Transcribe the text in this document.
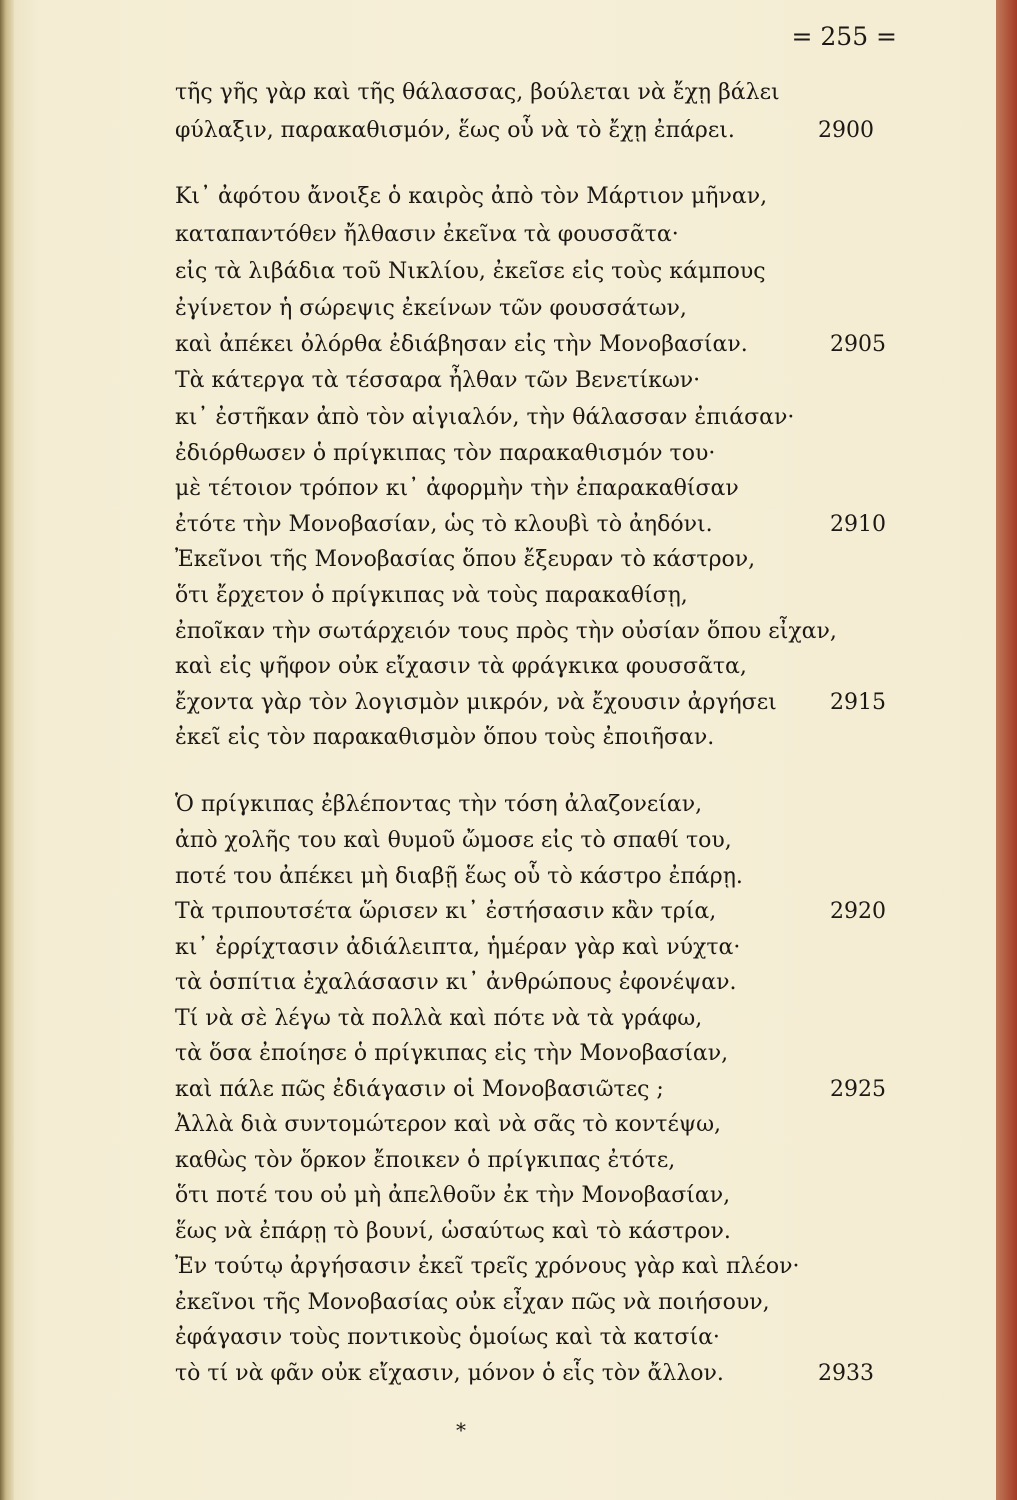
= 255 =
τῆς γῆς γὰρ καὶ τῆς θάλασσας, βούλεται νὰ ἔχῃ βάλει
φύλαξιν, παρακαθισμόν, ἕως οὗ νὰ τὸ ἔχῃ ἐπάρει.	2900
Κι᾿ ἀφότου ἄνοιξε ὁ καιρὸς ἀπὸ τὸν Μάρτιον μῆναν,
καταπαντόθεν ἤλθασιν ἐκεῖνα τὰ φουσσᾶτα·
εἰς τὰ λιβάδια τοῦ Νικλίου, ἐκεῖσε εἰς τοὺς κάμπους
ἐγίνετον ἡ σώρεψις ἐκείνων τῶν φουσσάτων,
καὶ ἀπέκει ὀλόρθα ἐδιάβησαν εἰς τὴν Μονοβασίαν.	2905
Τὰ κάτεργα τὰ τέσσαρα ἦλθαν τῶν Βενετίκων·
κι᾿ ἐστῆκαν ἀπὸ τὸν αἰγιαλόν, τὴν θάλασσαν ἐπιάσαν·
ἐδιόρθωσεν ὁ πρίγκιπας τὸν παρακαθισμόν του·
μὲ τέτοιον τρόπον κι᾿ ἀφορμὴν τὴν ἐπαρακαθίσαν
ἐτότε τὴν Μονοβασίαν, ὡς τὸ κλουβὶ τὸ ἀηδόνι.	2910
Ἐκεῖνοι τῆς Μονοβασίας ὅπου ἔξευραν τὸ κάστρον,
ὅτι ἔρχετον ὁ πρίγκιπας νὰ τοὺς παρακαθίσῃ,
ἐποῖκαν τὴν σωτάρχειόν τους πρὸς τὴν οὐσίαν ὅπου εἶχαν,
καὶ εἰς ψῆφον οὐκ εἴχασιν τὰ φράγκικα φουσσᾶτα,
ἔχοντα γὰρ τὸν λογισμὸν μικρόν, νὰ ἔχουσιν ἀργήσει 2915
ἐκεῖ εἰς τὸν παρακαθισμὸν ὅπου τοὺς ἐποιῆσαν.
Ὁ πρίγκιπας ἐβλέποντας τὴν τόση ἀλαζονείαν,
ἀπὸ χολῆς του καὶ θυμοῦ ὤμοσε εἰς τὸ σπαθί του,
ποτέ του ἀπέκει μὴ διαβῇ ἕως οὗ τὸ κάστρο ἐπάρῃ.
Τὰ τριπουτσέτα ὥρισεν κι᾿ ἐστήσασιν κἂν τρία,	2920
κι᾿ ἐρρίχτασιν ἀδιάλειπτα, ἡμέραν γὰρ καὶ νύχτα·
τὰ ὁσπίτια ἐχαλάσασιν κι᾿ ἀνθρώπους ἐφονέψαν.
Τί νὰ σὲ λέγω τὰ πολλὰ καὶ πότε νὰ τὰ γράφω,
τὰ ὅσα ἐποίησε ὁ πρίγκιπας εἰς τὴν Μονοβασίαν,
καὶ πάλε πῶς ἐδιάγασιν οἱ Μονοβασιῶτες ;	2925
Ἀλλὰ διὰ συντομώτερον καὶ νὰ σᾶς τὸ κοντέψω,
καθὼς τὸν ὅρκον ἔποικεν ὁ πρίγκιπας ἐτότε,
ὅτι ποτέ του οὐ μὴ ἀπελθοῦν ἐκ τὴν Μονοβασίαν,
ἕως νὰ ἐπάρῃ τὸ βουνί, ὡσαύτως καὶ τὸ κάστρον.
Ἐν τούτῳ ἀργήσασιν ἐκεῖ τρεῖς χρόνους γὰρ καὶ πλέον·
ἐκεῖνοι τῆς Μονοβασίας οὐκ εἶχαν πῶς νὰ ποιήσουν,
ἐφάγασιν τοὺς ποντικοὺς ὁμοίως καὶ τὰ κατσία·
τὸ τί νὰ φᾶν οὐκ εἴχασιν, μόνον ὁ εἷς τὸν ἄλλον.	2933
*
